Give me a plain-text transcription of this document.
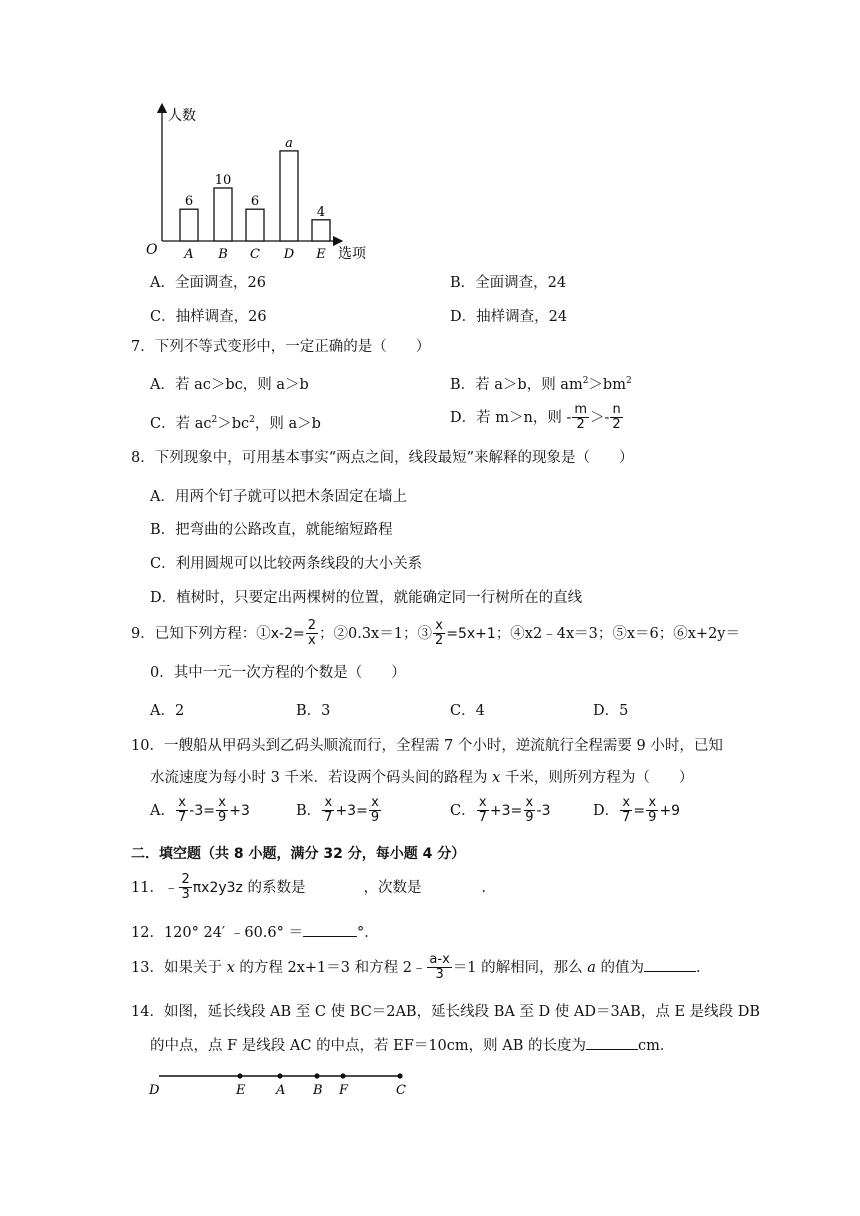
人数
选项
O
6
A
10
B
6
C
a
D
4
E
A．全面调查，26	B．全面调查，24
C．抽样调查，26	D．抽样调查，24
7．下列不等式变形中，一定正确的是（　　）
A．若 ac＞bc，则 a＞b	B．若 a＞b，则 $am^2>bm^2$
C．若 $ac^2>bc^2$，则 a＞b	D．若 m＞n，则 - $\frac{m}{2} >- \frac{n}{2}$
8．下列现象中，可用基本事实“两点之间，线段最短”来解释的现象是（　　）
A．用两个钉子就可以把木条固定在墙上
B．把弯曲的公路改直，就能缩短路程
C．利用圆规可以比较两条线段的大小关系
D．植树时，只要定出两棵树的位置，就能确定同一行树所在的直线
9．已知下列方程：①x-2= $\frac{2}{x}$ ；②0.3x＝1；③ $\frac{x}{2} =5x+1$；④x2﹣4x＝3；⑤x＝6；⑥x+2y＝
0．其中一元一次方程的个数是（　　）
A．2	B．3	C．4	D．5
10．一艘船从甲码头到乙码头顺流而行，全程需 7 个小时，逆流航行全程需要 9 小时，已知
水流速度为每小时 3 千米．若设两个码头间的路程为 x 千米，则所列方程为（　　）
A． $\frac{x}{7} -3= \frac{x}{9} +3$	B． $\frac{x}{7} +3= \frac{x}{9}$	C． $\frac{x}{7} +3= \frac{x}{9} -3$	D． $\frac{x}{7} = \frac{x}{9} +9$
二．填空题（共 8 小题，满分 32 分，每小题 4 分）
11．﹣ $\frac{2}{3} \pi x2y3z$ 的系数是	，次数是	．
12．120° 24′ ﹣60.6° ＝	°．
13．如果关于 x 的方程 2x+1＝3 和方程 2﹣ $\frac{a-x}{3} =1$ 的解相同，那么 a 的值为	．
14．如图，延长线段 AB 至 C 使 BC＝2AB，延长线段 BA 至 D 使 AD＝3AB，点 E 是线段 DB
的中点，点 F 是线段 AC 的中点，若 EF＝10cm，则 AB 的长度为	cm．
D	E A B F	C
